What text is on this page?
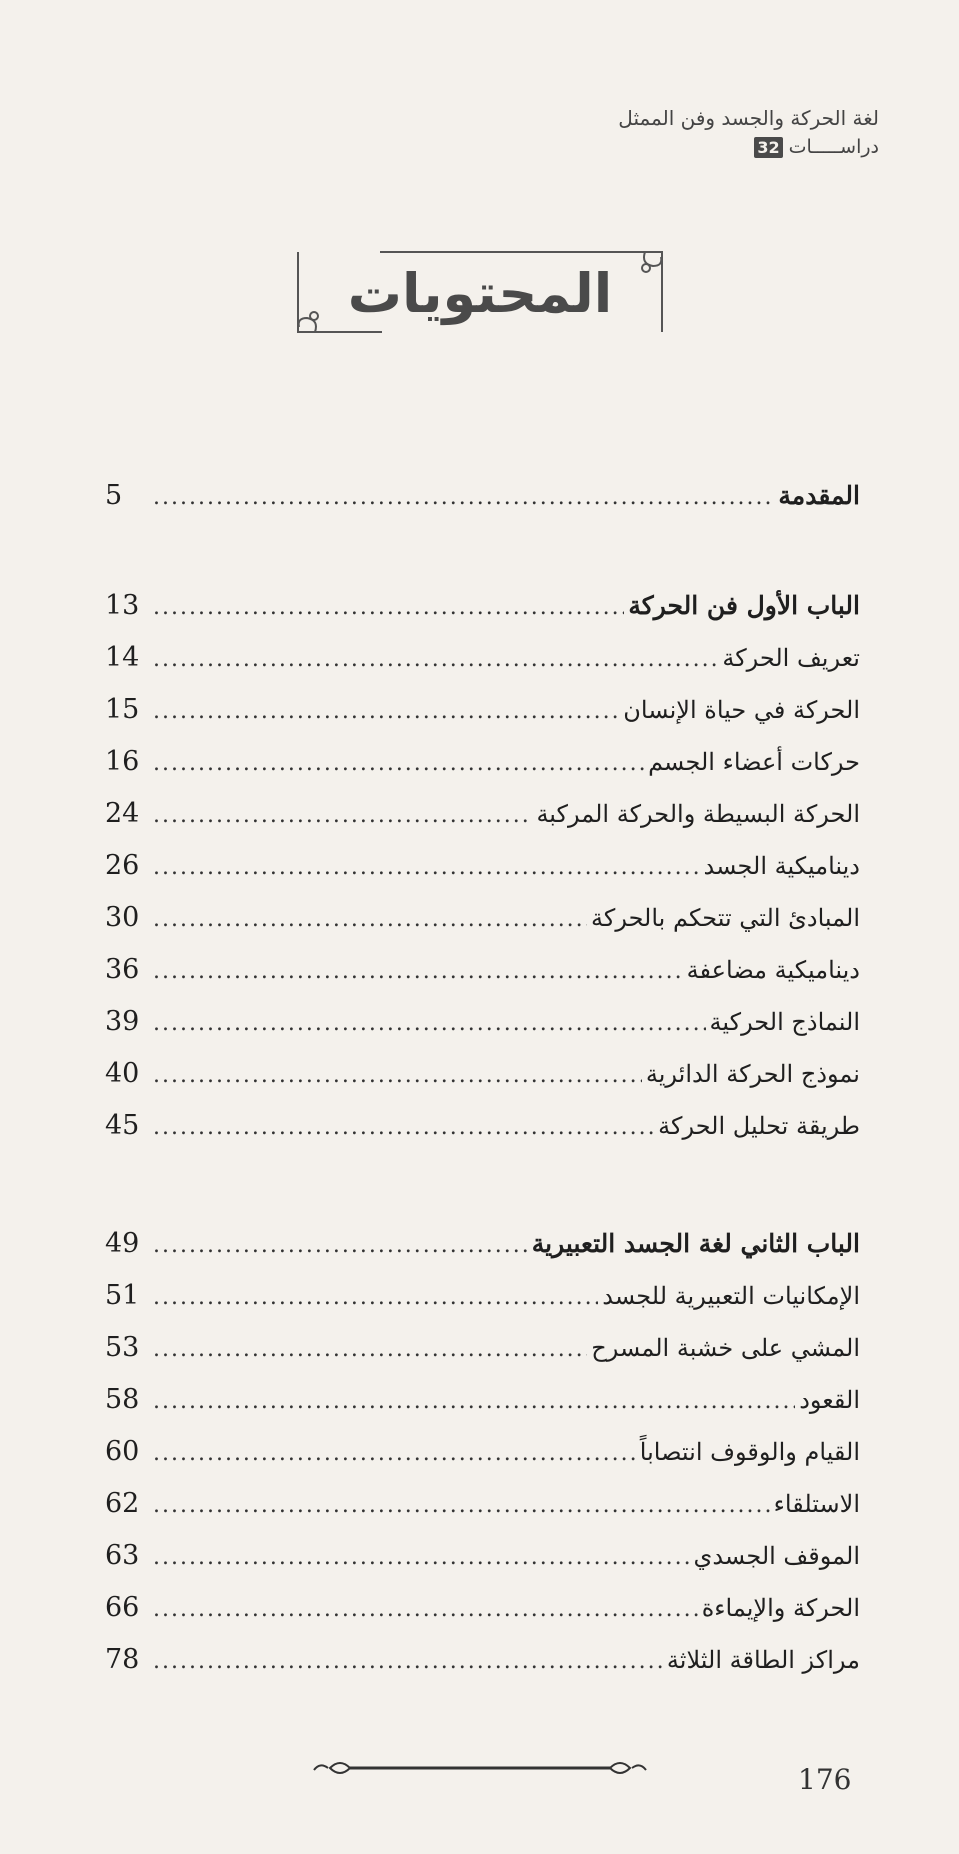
لغة الحركة والجسد وفن الممثل
دراســـــات
32
المحتويات
المقدمة
.....
5
الباب الأول فن الحركة
.....
13
تعريف الحركة
.....
14
الحركة في حياة الإنسان
.....
15
حركات أعضاء الجسم
.....
16
الحركة البسيطة والحركة المركبة
.....
24
ديناميكية الجسد
.....
26
المبادئ التي تتحكم بالحركة
.....
30
ديناميكية مضاعفة
.....
36
النماذج الحركية
.....
39
نموذج الحركة الدائرية
.....
40
طريقة تحليل الحركة
.....
45
الباب الثاني لغة الجسد التعبيرية
.....
49
الإمكانيات التعبيرية للجسد
.....
51
المشي على خشبة المسرح
.....
53
القعود
.....
58
القيام والوقوف انتصاباً
.....
60
الاستلقاء
.....
62
الموقف الجسدي
.....
63
الحركة والإيماءة
.....
66
مراكز الطاقة الثلاثة
.....
78
176
